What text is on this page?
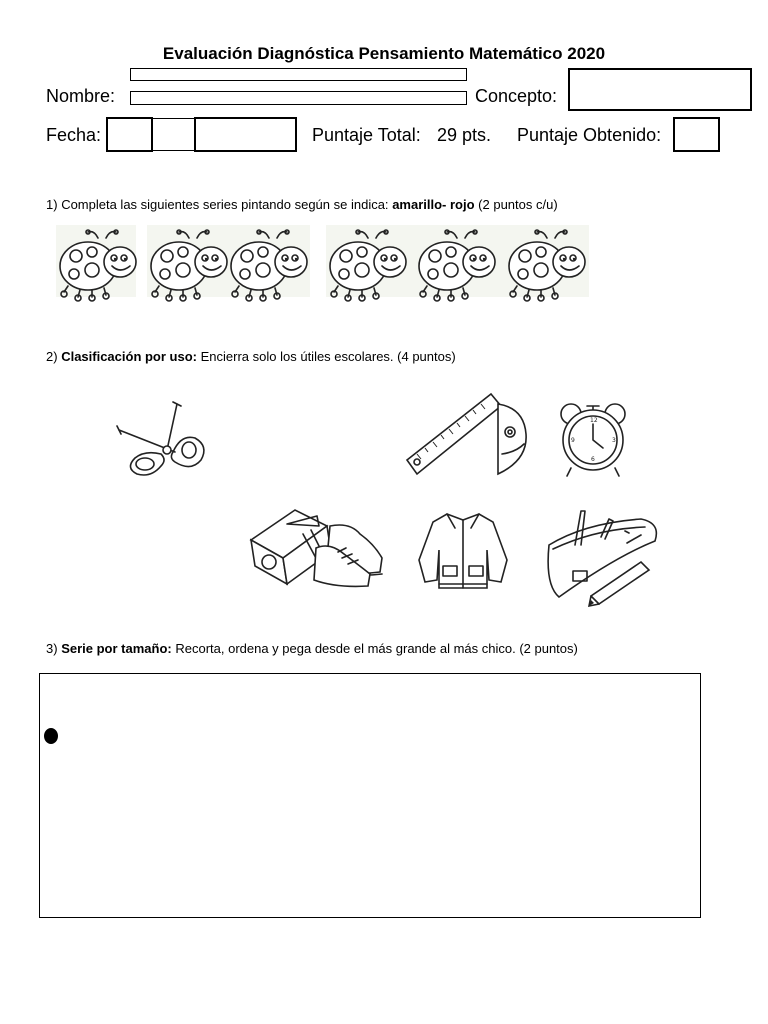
Evaluación Diagnóstica Pensamiento Matemático 2020
Nombre:	Concepto:
Fecha:	Puntaje Total: 29 pts. Puntaje Obtenido:
1) Completa las siguientes series pintando según se indica: amarillo- rojo (2 puntos c/u)
2) Clasificación por uso: Encierra solo los útiles escolares. (4 puntos)
12
3
6
9
3) Serie por tamaño: Recorta, ordena y pega desde el más grande al más chico. (2 puntos)
